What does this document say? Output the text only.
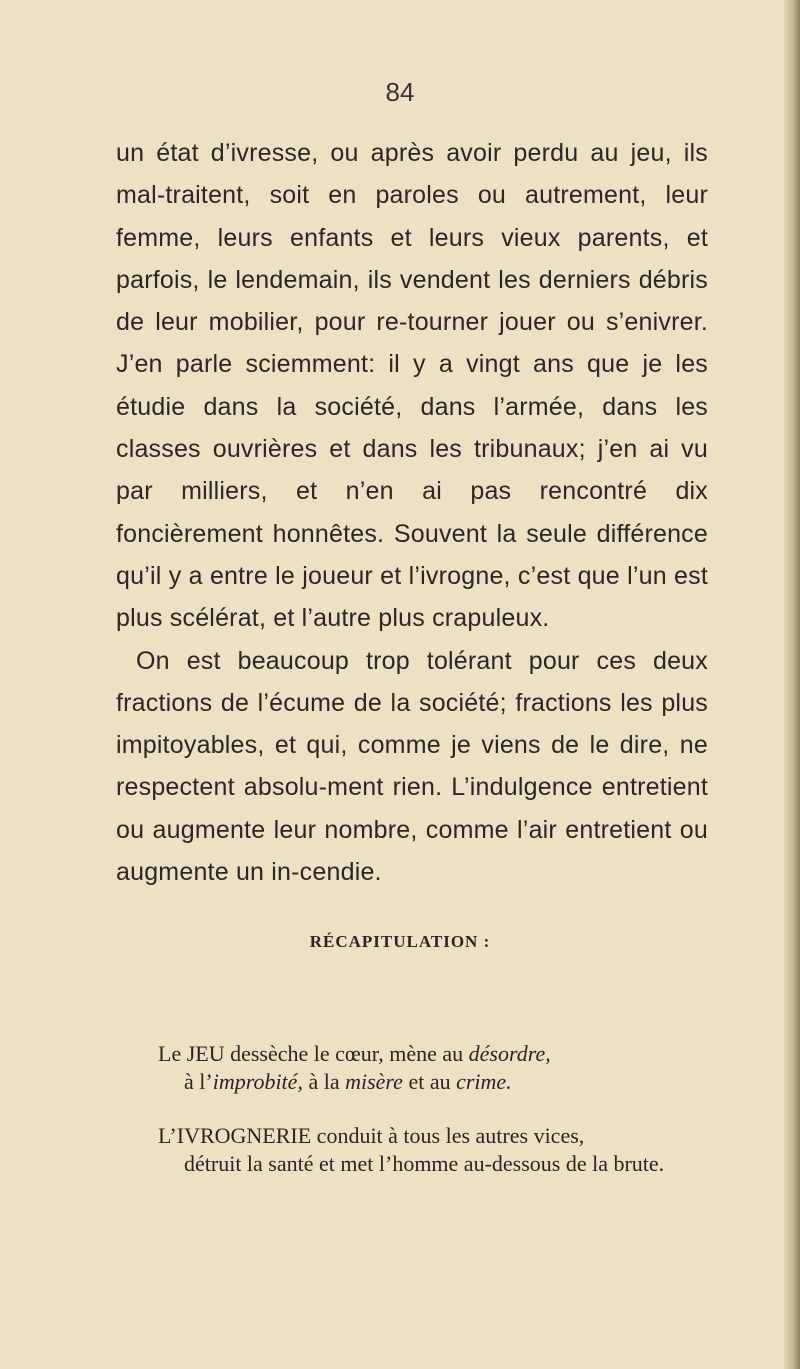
84

un état d’ivresse, ou après avoir perdu au jeu, ils mal-traitent, soit en paroles ou autrement, leur femme, leurs enfants et leurs vieux parents, et parfois, le lendemain, ils vendent les derniers débris de leur mobilier, pour re-tourner jouer ou s’enivrer. J’en parle sciemment: il y a vingt ans que je les étudie dans la société, dans l’armée, dans les classes ouvrières et dans les tribunaux; j’en ai vu par milliers, et n’en ai pas rencontré dix foncièrement honnêtes. Souvent la seule différence qu’il y a entre le joueur et l’ivrogne, c’est que l’un est plus scélérat, et l’autre plus crapuleux.

On est beaucoup trop tolérant pour ces deux fractions de l’écume de la société; fractions les plus impitoyables, et qui, comme je viens de le dire, ne respectent absolu-ment rien. L’indulgence entretient ou augmente leur nombre, comme l’air entretient ou augmente un in-cendie.

RÉCAPITULATION :

Le JEU dessèche le cœur, mène au désordre,

à l’improbité, à la misère et au crime.

L’IVROGNERIE conduit à tous les autres vices,

détruit la santé et met l’homme au-dessous de la brute.
